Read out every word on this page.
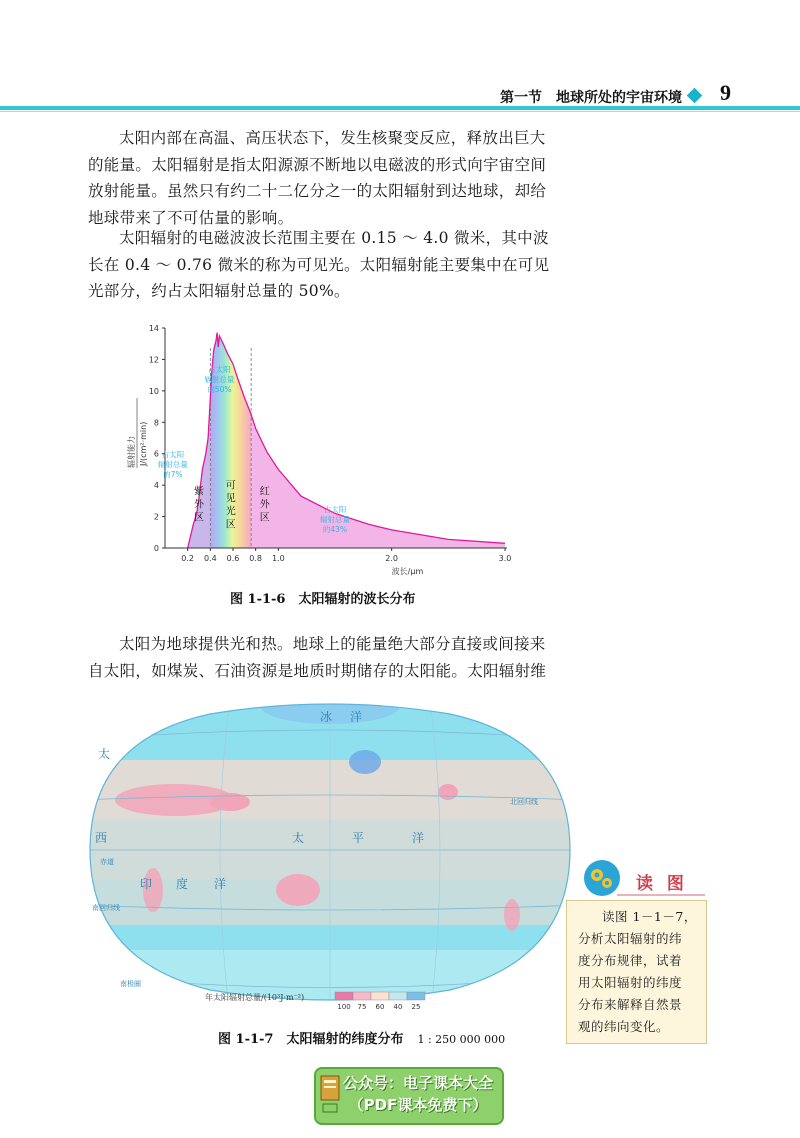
第一节　地球所处的宇宙环境 9
太阳内部在高温、高压状态下，发生核聚变反应，释放出巨大
的能量。太阳辐射是指太阳源源不断地以电磁波的形式向宇宙空间
放射能量。虽然只有约二十二亿分之一的太阳辐射到达地球，却给
地球带来了不可估量的影响。
太阳辐射的电磁波波长范围主要在 0.15 ～ 4.0 微米，其中波
长在 0.4 ～ 0.76 微米的称为可见光。太阳辐射能主要集中在可见
光部分，约占太阳辐射总量的 50%。
0
2
4
6
8
10
12
14
0.2 0.4 0.6 0.8 1.0	2.0	3.0
波长/μm
辐射能力 J/(cm²·min)
紫
外
区
可
见
光
区
红
外
区
占太阳
辐射总量
的7%
占太阳
辐射总量
的50%
占太阳
辐射总量
的43%
图 1-1-6　太阳辐射的波长分布
太阳为地球提供光和热。地球上的能量绝大部分直接或间接来
自太阳，如煤炭、石油资源是地质时期储存的太阳能。太阳辐射维
冰 洋
太
西	太	平	洋
印 度 洋
北回归线
赤道
南回归线
南极圈
年太阳辐射总量/(10³J·m⁻²)
100 75 60 40 25
图 1-1-7　太阳辐射的纬度分布 1 : 250 000 000
读 图
读图 1－1－7，
分析太阳辐射的纬
度分布规律，试着
用太阳辐射的纬度
分布来解释自然景
观的纬向变化。
公众号：电子课本大全
（PDF课本免费下）
